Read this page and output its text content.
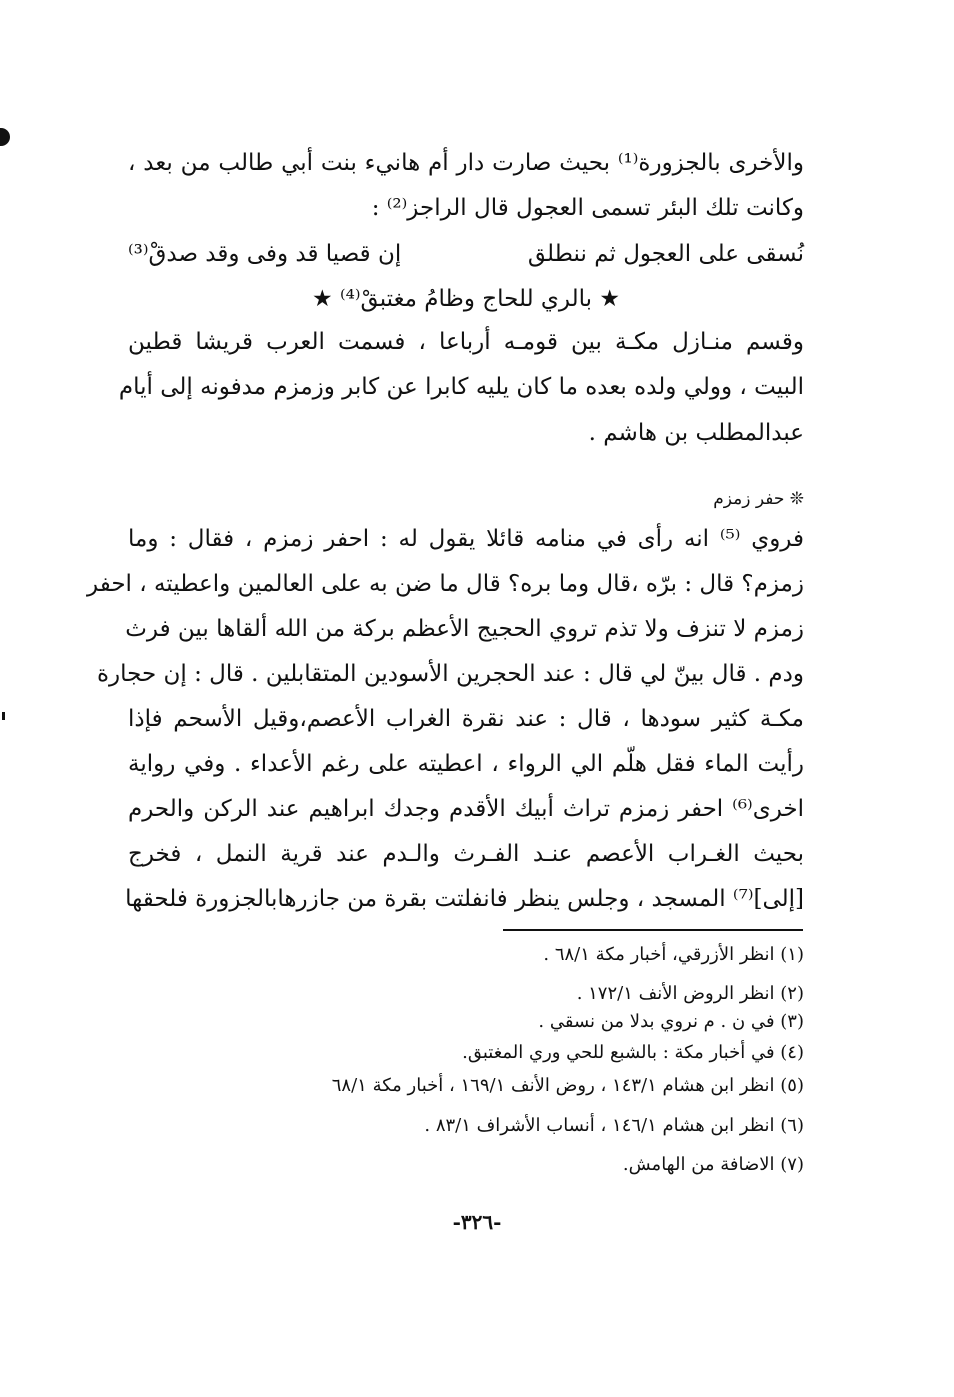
والأخرى بالجزورة⁽¹⁾ بحيث صارت دار أم هانيء بنت أبي طالب من بعد ،
وكانت تلك البئر تسمى العجول قال الراجز⁽²⁾ :
نُسقى على العجول ثم ننطلق
إن قصيا قد وفى وقد صدقْ⁽³⁾
★ بالري للحاج وظامُ مغتبقْ⁽⁴⁾ ★
وقسم منـازل مكـة بين قومـه أرباعا ، فسمت العرب قريشا قطين
البيت ، وولي ولده بعده ما كان يليه كابرا عن كابر وزمزم مدفونه إلى أيام
عبدالمطلب بن هاشم .
❊ حفر زمزم
فروي ⁽⁵⁾ انه رأى في منامه قائلا يقول له : احفر زمزم ، فقال : وما
زمزم؟ قال : برّه ،قال وما بره؟ قال ما ضن به على العالمين واعطيته ، احفر
زمزم لا تنزف ولا تذم تروي الحجيج الأعظم بركة من الله ألقاها بين فرث
ودم . قال بينّ لي قال : عند الحجرين الأسودين المتقابلين . قال : إن حجارة
مكـة كثير سودها ، قال : عند نقرة الغراب الأعصم،وقيل الأسحم فإذا
رأيت الماء فقل هلّم الي الرواء ، اعطيته على رغم الأعداء . وفي رواية
اخرى⁽⁶⁾ احفر زمزم تراث أبيك الأقدم وجدك ابراهيم عند الركن والحرم
بحيث الغـراب الأعصم عنـد الفـرث والـدم عند قرية النمل ، فخرج
[إلى]⁽⁷⁾ المسجد ، وجلس ينظر فانفلتت بقرة من جازرهابالجزورة فلحقها
(١) انظر الأزرقي، أخبار مكة ٦٨/١ .
(٢) انظر الروض الأنف ١٧٢/١ .
(٣) في ن . م نروي بدلا من نسقي .
(٤) في أخبار مكة : بالشبع للحي وري المغتبق.
(٥) انظر ابن هشام ١٤٣/١ ، روض الأنف ١٦٩/١ ، أخبار مكة ٦٨/١
(٦) انظر ابن هشام ١٤٦/١ ، أنساب الأشراف ٨٣/١ .
(٧) الاضافة من الهامش.
-٣٢٦-
